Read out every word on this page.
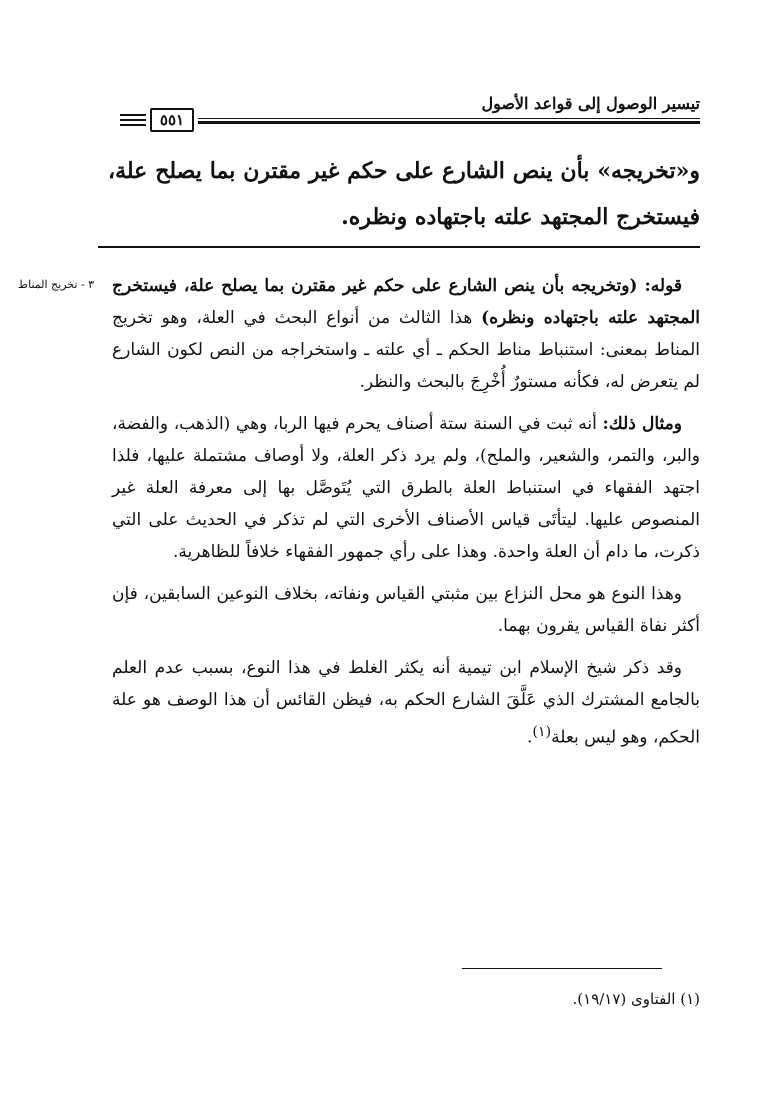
تيسير الوصول إلى قواعد الأصول
٥٥١
و«تخريجه» بأن ينص الشارع على حكم غير مقترن بما يصلح علة، فيستخرج المجتهد علته باجتهاده ونظره.
٣ - تخريج المناط	قوله: (وتخريجه بأن ينص الشارع على حكم غير مقترن بما يصلح علة، فيستخرج المجتهد علته باجتهاده ونظره) هذا الثالث من أنواع البحث في العلة، وهو تخريج المناط بمعنى: استنباط مناط الحكم ـ أي علته ـ واستخراجه من النص لكون الشارع لم يتعرض له، فكأنه مستورٌ أُخْرِجَ بالبحث والنظر.

ومثال ذلك: أنه ثبت في السنة ستة أصناف يحرم فيها الربا، وهي (الذهب، والفضة، والبر، والتمر، والشعير، والملح)، ولم يرد ذكر العلة، ولا أوصاف مشتملة عليها، فلذا اجتهد الفقهاء في استنباط العلة بالطرق التي يُتَوصَّل بها إلى معرفة العلة غير المنصوص عليها. ليتأتَى قياس الأصناف الأخرى التي لم تذكر في الحديث على التي ذكرت، ما دام أن العلة واحدة. وهذا على رأي جمهور الفقهاء خلافاً للظاهرية.

وهذا النوع هو محل النزاع بين مثبتي القياس ونفاته، بخلاف النوعين السابقين، فإن أكثر نفاة القياس يقرون بهما.

وقد ذكر شيخ الإسلام ابن تيمية أنه يكثر الغلط في هذا النوع، بسبب عدم العلم بالجامع المشترك الذي عَلَّقَ الشارع الحكم به، فيظن القائس أن هذا الوصف هو علة الحكم، وهو ليس بعلة$^{(١)}$.

(١) الفتاوى (١٩/١٧).
